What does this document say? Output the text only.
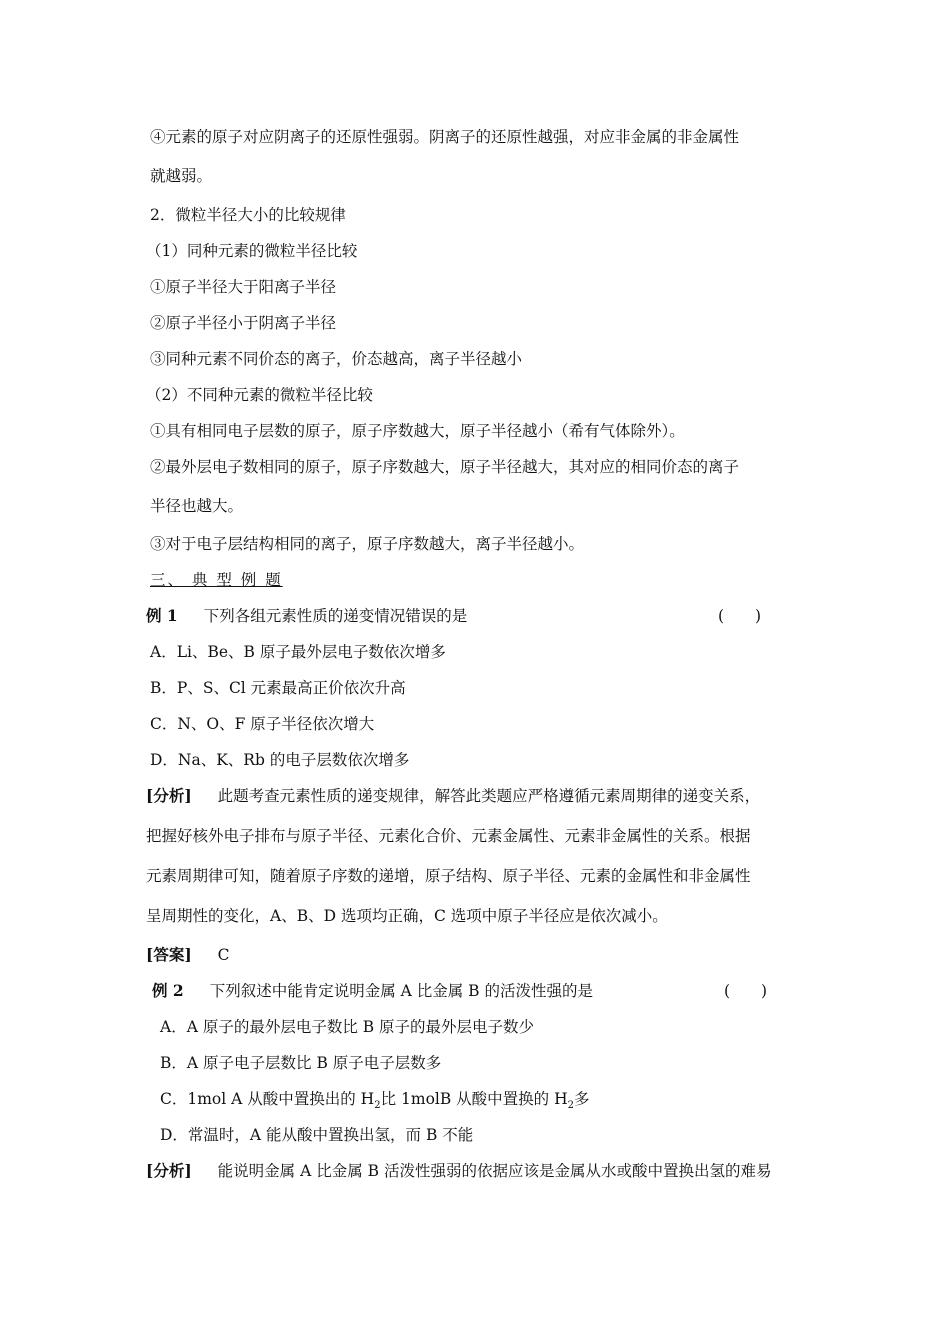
④元素的原子对应阴离子的还原性强弱。阴离子的还原性越强，对应非金属的非金属性
就越弱。
2．微粒半径大小的比较规律
（1）同种元素的微粒半径比较
①原子半径大于阳离子半径
②原子半径小于阴离子半径
③同种元素不同价态的离子，价态越高，离子半径越小
（2）不同种元素的微粒半径比较
①具有相同电子层数的原子，原子序数越大，原子半径越小（希有气体除外）。
②最外层电子数相同的原子，原子序数越大，原子半径越大，其对应的相同价态的离子
半径也越大。
③对于电子层结构相同的离子，原子序数越大，离子半径越小。
三、 典 型 例 题
例 1 下列各组元素性质的递变情况错误的是	(　　)
A．Li、Be、B 原子最外层电子数依次增多
B．P、S、Cl 元素最高正价依次升高
C．N、O、F 原子半径依次增大
D．Na、K、Rb 的电子层数依次增多
[分析] 此题考查元素性质的递变规律，解答此类题应严格遵循元素周期律的递变关系，
把握好核外电子排布与原子半径、元素化合价、元素金属性、元素非金属性的关系。根据
元素周期律可知，随着原子序数的递增，原子结构、原子半径、元素的金属性和非金属性
呈周期性的变化，A、B、D 选项均正确，C 选项中原子半径应是依次减小。
[答案] C
例 2 下列叙述中能肯定说明金属 A 比金属 B 的活泼性强的是	(　　)
A．A 原子的最外层电子数比 B 原子的最外层电子数少
B．A 原子电子层数比 B 原子电子层数多
C．1mol A 从酸中置换出的 $H_2$比 1molB 从酸中置换的 $H_2$多
D．常温时，A 能从酸中置换出氢，而 B 不能
[分析] 能说明金属 A 比金属 B 活泼性强弱的依据应该是金属从水或酸中置换出氢的难易
